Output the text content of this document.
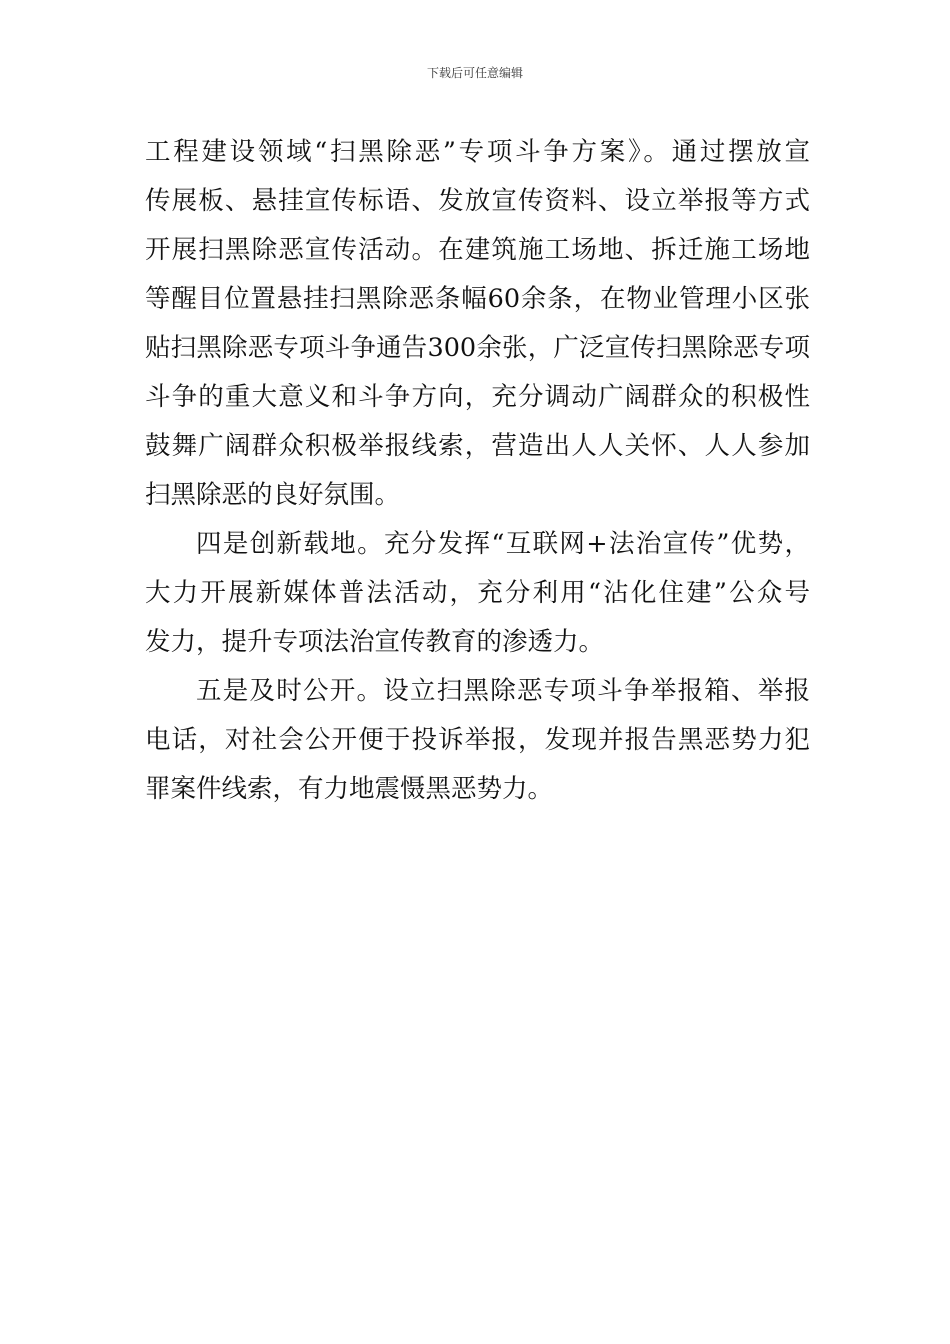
下载后可任意编辑
工程建设领域“扫黑除恶”专项斗争方案》。通过摆放宣
传展板、悬挂宣传标语、发放宣传资料、设立举报等方式
开展扫黑除恶宣传活动。在建筑施工场地、拆迁施工场地
等醒目位置悬挂扫黑除恶条幅60余条，在物业管理小区张
贴扫黑除恶专项斗争通告300余张，广泛宣传扫黑除恶专项
斗争的重大意义和斗争方向，充分调动广阔群众的积极性
鼓舞广阔群众积极举报线索，营造出人人关怀、人人参加
扫黑除恶的良好氛围。
四是创新载地。充分发挥“互联网+法治宣传”优势，
大力开展新媒体普法活动，充分利用“沾化住建”公众号
发力，提升专项法治宣传教育的渗透力。
五是及时公开。设立扫黑除恶专项斗争举报箱、举报
电话，对社会公开便于投诉举报，发现并报告黑恶势力犯
罪案件线索，有力地震慑黑恶势力。
